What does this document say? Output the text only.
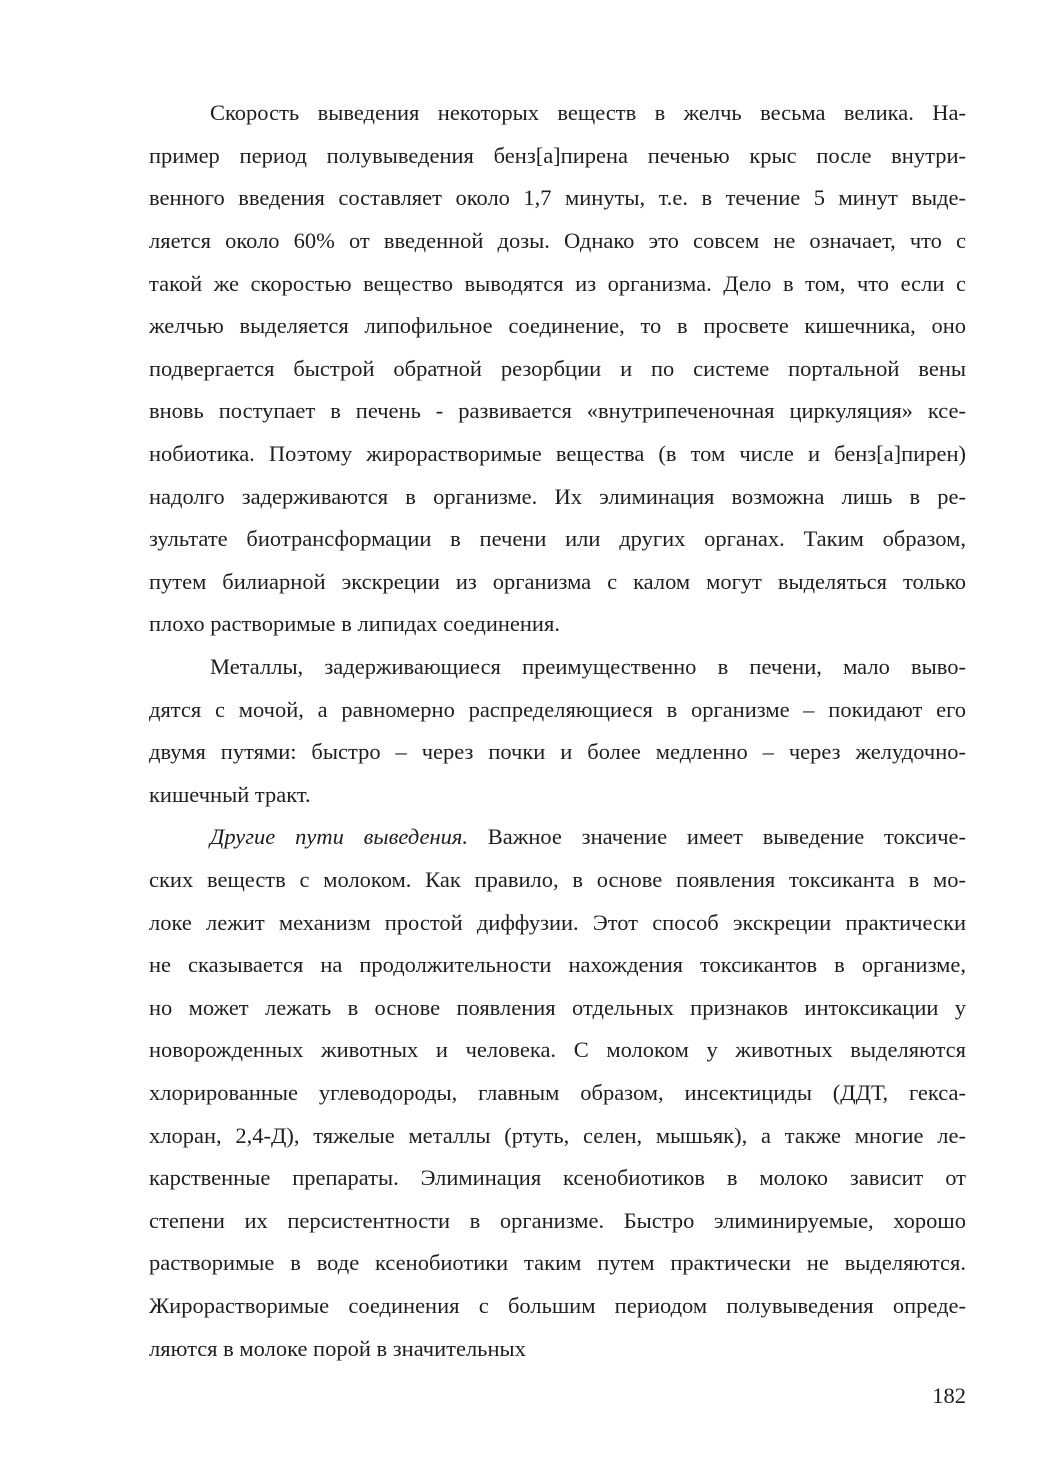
Скорость выведения некоторых веществ в желчь весьма велика. На-
пример период полувыведения бенз[а]пирена печенью крыс после внутри-
венного введения составляет около 1,7 минуты, т.е. в течение 5 минут выде-
ляется около 60% от введенной дозы. Однако это совсем не означает, что с
такой же скоростью вещество выводятся из организма. Дело в том, что если с
желчью выделяется липофильное соединение, то в просвете кишечника, оно
подвергается быстрой обратной резорбции и по системе портальной вены
вновь поступает в печень - развивается «внутрипеченочная циркуляция» ксе-
нобиотика. Поэтому жирорастворимые вещества (в том числе и бенз[а]пирен)
надолго задерживаются в организме. Их элиминация возможна лишь в ре-
зультате биотрансформации в печени или других органах. Таким образом,
путем билиарной экскреции из организма с калом могут выделяться только
плохо растворимые в липидах соединения.
Металлы, задерживающиеся преимущественно в печени, мало выво-
дятся с мочой, а равномерно распределяющиеся в организме – покидают его
двумя путями: быстро – через почки и более медленно – через желудочно-
кишечный тракт.
Другие пути выведения. Важное значение имеет выведение токсиче-
ских веществ с молоком. Как правило, в основе появления токсиканта в мо-
локе лежит механизм простой диффузии. Этот способ экскреции практически
не сказывается на продолжительности нахождения токсикантов в организме,
но может лежать в основе появления отдельных признаков интоксикации у
новорожденных животных и человека. С молоком у животных выделяются
хлорированные углеводороды, главным образом, инсектициды (ДДТ, гекса-
хлоран, 2,4-Д), тяжелые металлы (ртуть, селен, мышьяк), а также многие ле-
карственные препараты. Элиминация ксенобиотиков в молоко зависит от
степени их персистентности в организме. Быстро элиминируемые, хорошо
растворимые в воде ксенобиотики таким путем практически не выделяются.
Жирорастворимые соединения с большим периодом полувыведения опреде-
ляются в молоке порой в значительных
182
